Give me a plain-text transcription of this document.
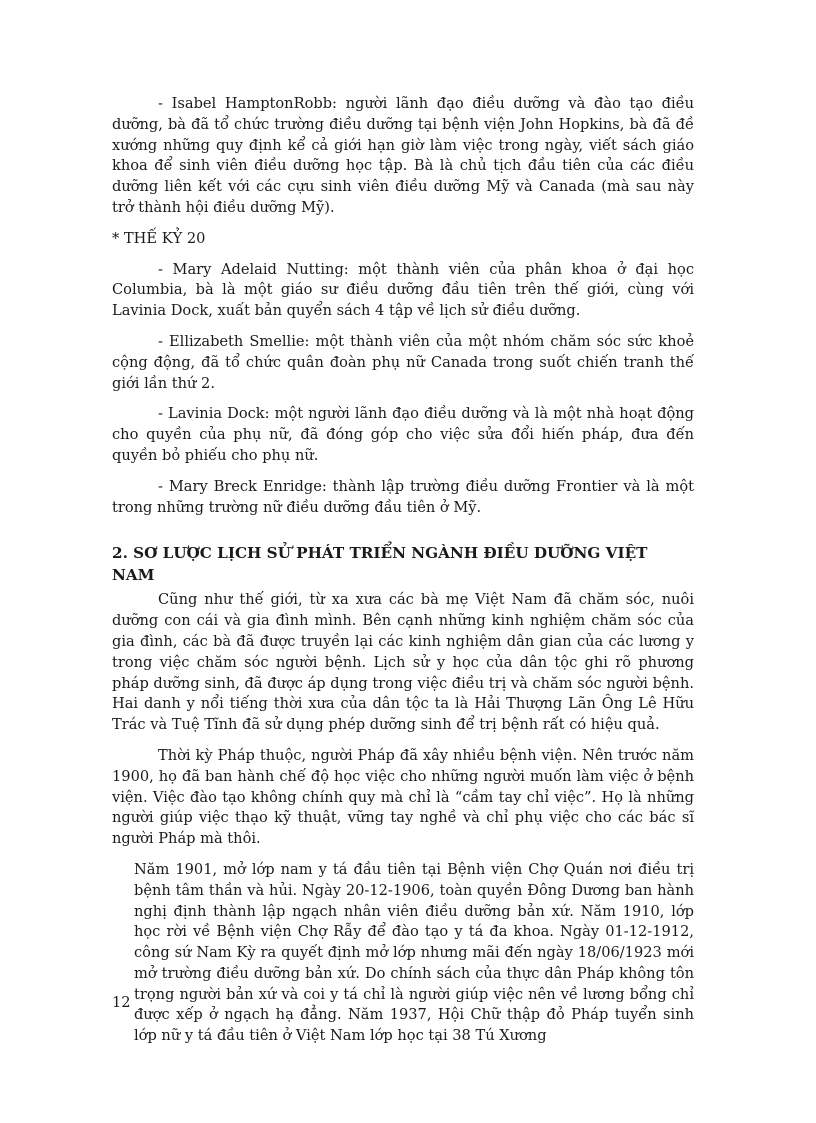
- Isabel HamptonRobb: người lãnh đạo điều dưỡng và đào tạo điều dưỡng, bà đã tổ chức trường điều dưỡng tại bệnh viện John Hopkins, bà đã đề xướng những quy định kể cả giới hạn giờ làm việc trong ngày, viết sách giáo khoa để sinh viên điều dưỡng học tập. Bà là chủ tịch đầu tiên của các điều dưỡng liên kết với các cựu sinh viên điều dưỡng Mỹ và Canada (mà sau này trở thành hội điều dưỡng Mỹ).

* THẾ KỶ 20

- Mary Adelaid Nutting: một thành viên của phân khoa ở đại học Columbia, bà là một giáo sư điều dưỡng đầu tiên trên thế giới, cùng với Lavinia Dock, xuất bản quyển sách 4 tập về lịch sử điều dưỡng.

- Ellizabeth Smellie: một thành viên của một nhóm chăm sóc sức khoẻ cộng động, đã tổ chức quân đoàn phụ nữ Canada trong suốt chiến tranh thế giới lần thứ 2.

- Lavinia Dock: một người lãnh đạo điều dưỡng và là một nhà hoạt động cho quyền của phụ nữ, đã đóng góp cho việc sửa đổi hiến pháp, đưa đến quyền bỏ phiếu cho phụ nữ.

- Mary Breck Enridge: thành lập trường điều dưỡng Frontier và là một trong những trường nữ điều dưỡng đầu tiên ở Mỹ.

2. SƠ LƯỢC LỊCH SỬ PHÁT TRIỂN NGÀNH ĐIỀU DƯỠNG VIỆT NAM

Cũng như thế giới, từ xa xưa các bà mẹ Việt Nam đã chăm sóc, nuôi dưỡng con cái và gia đình mình. Bên cạnh những kinh nghiệm chăm sóc của gia đình, các bà đã được truyền lại các kinh nghiệm dân gian của các lương y trong việc chăm sóc người bệnh. Lịch sử y học của dân tộc ghi rõ phương pháp dưỡng sinh, đã được áp dụng trong việc điều trị và chăm sóc người bệnh. Hai danh y nổi tiếng thời xưa của dân tộc ta là Hải Thượng Lãn Ông Lê Hữu Trác và Tuệ Tĩnh đã sử dụng phép dưỡng sinh để trị bệnh rất có hiệu quả.

Thời kỳ Pháp thuộc, người Pháp đã xây nhiều bệnh viện. Nên trước năm 1900, họ đã ban hành chế độ học việc cho những người muốn làm việc ở bệnh viện. Việc đào tạo không chính quy mà chỉ là “cầm tay chỉ việc”. Họ là những người giúp việc thạo kỹ thuật, vững tay nghề và chỉ phụ việc cho các bác sĩ người Pháp mà thôi.

Năm 1901, mở lớp nam y tá đầu tiên tại Bệnh viện Chợ Quán nơi điều trị bệnh tâm thần và hủi. Ngày 20-12-1906, toàn quyền Đông Dương ban hành nghị định thành lập ngạch nhân viên điều dưỡng bản xứ. Năm 1910, lớp học rời về Bệnh viện Chợ Rẫy để đào tạo y tá đa khoa. Ngày 01-12-1912, công sứ Nam Kỳ ra quyết định mở lớp nhưng mãi đến ngày 18/06/1923 mới mở trường điều dưỡng bản xứ. Do chính sách của thực dân Pháp không tôn trọng người bản xứ và coi y tá chỉ là người giúp việc nên về lương bổng chỉ được xếp ở ngạch hạ đẳng. Năm 1937, Hội Chữ thập đỏ Pháp tuyển sinh lớp nữ y tá đầu tiên ở Việt Nam lớp học tại 38 Tú Xương

12
